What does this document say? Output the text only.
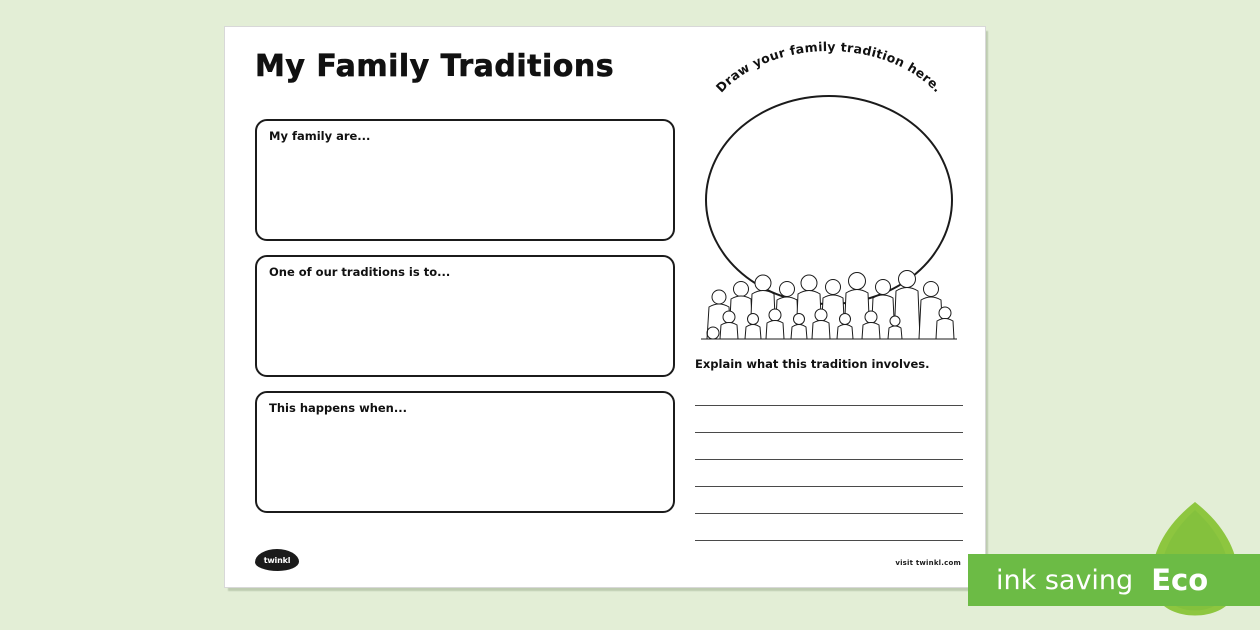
My Family Traditions
My family are...
One of our traditions is to...
This happens when...
Draw your family tradition here.
Explain what this tradition involves.
twinkl	visit twinkl.com
ink saving Eco
